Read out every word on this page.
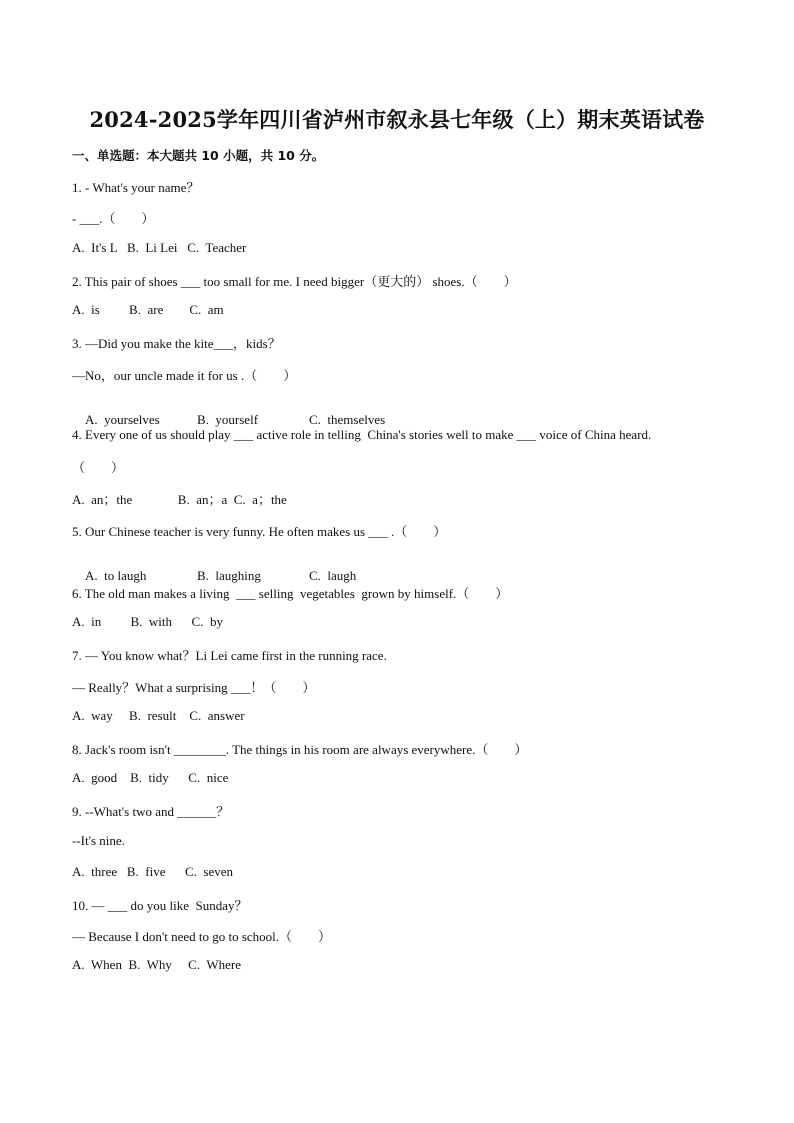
2024-2025学年四川省泸州市叙永县七年级（上）期末英语试卷
一、单选题：本大题共 10 小题，共 10 分。
1. - What's your name？
- ___.（　　）
A.  It's L   B.  Li Lei   C.  Teacher
2. This pair of shoes ___ too small for me. I need bigger（更大的） shoes.（　　）
A.  is         B.  are        C.  am
3. —Did you make the kite___，kids？
—No，our uncle made it for us .（　　）

A.  yourselves	B.  yourself	C.  themselves

4. Every one of us should play ___ active role in telling  China's stories well to make ___ voice of China heard.
（　　）
A.  an；the              B.  an；a  C.  a；the
5. Our Chinese teacher is very funny. He often makes us ___ .（　　）

A.  to laugh	B.  laughing	C.  laugh

6. The old man makes a living  ___ selling  vegetables  grown by himself.（　　）
A.  in         B.  with      C.  by
7. — You know what？Li Lei came first in the running race.
— Really？What a surprising ___！（　　）
A.  way     B.  result    C.  answer
8. Jack's room isn't ________. The things in his room are always everywhere.（　　）
A.  good    B.  tidy      C.  nice
9. --What's two and ______？
--It's nine.
A.  three   B.  five      C.  seven
10. — ___ do you like  Sunday？
— Because I don't need to go to school.（　　）
A.  When  B.  Why     C.  Where
